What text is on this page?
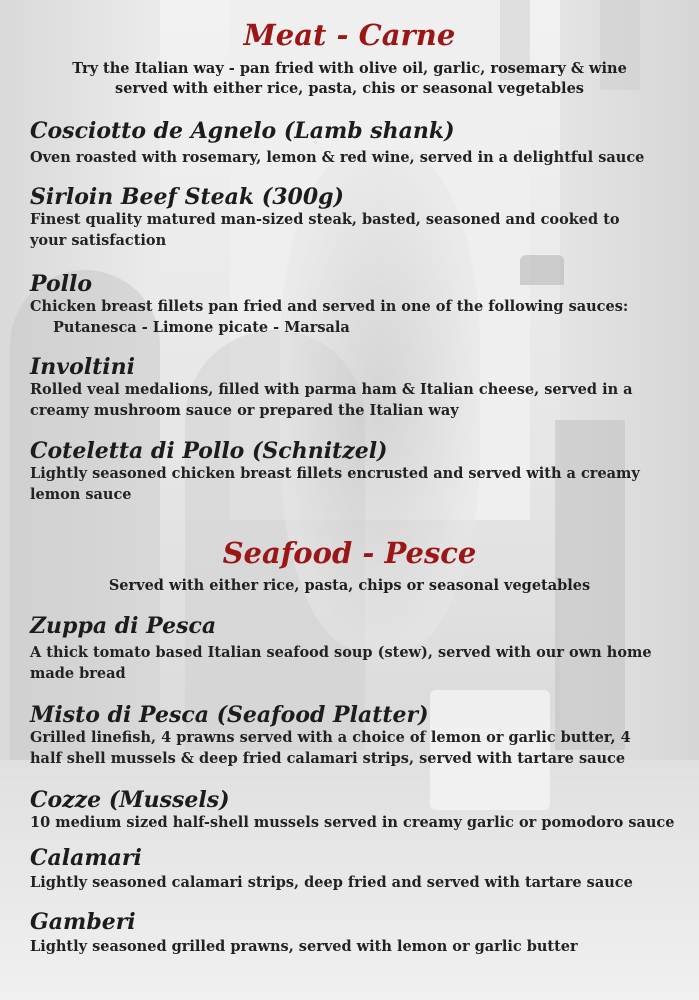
Meat - Carne
Try the Italian way - pan fried with olive oil, garlic, rosemary & wine
served with either rice, pasta, chis or seasonal vegetables
Cosciotto de Agnelo (Lamb shank)
Oven roasted with rosemary, lemon & red wine, served in a delightful sauce
Sirloin Beef Steak (300g)
Finest quality matured man-sized steak, basted, seasoned and cooked to your satisfaction
Pollo
Chicken breast fillets pan fried and served in one of the following sauces:
Putanesca - Limone picate - Marsala
Involtini
Rolled veal medalions, filled with parma ham & Italian cheese, served in a creamy mushroom sauce or prepared the Italian way
Coteletta di Pollo (Schnitzel)
Lightly seasoned chicken breast fillets encrusted and served with a creamy lemon sauce
Seafood - Pesce
Served with either rice, pasta, chips or seasonal vegetables
Zuppa di Pesca
A thick tomato based Italian seafood soup (stew), served with our own home made bread
Misto di Pesca (Seafood Platter)
Grilled linefish, 4 prawns served with a choice of lemon or garlic butter, 4 half shell mussels & deep fried calamari strips, served with tartare sauce
Cozze (Mussels)
10 medium sized half-shell mussels served in creamy garlic or pomodoro sauce
Calamari
Lightly seasoned calamari strips, deep fried and served with tartare sauce
Gamberi
Lightly seasoned grilled prawns, served with lemon or garlic butter
